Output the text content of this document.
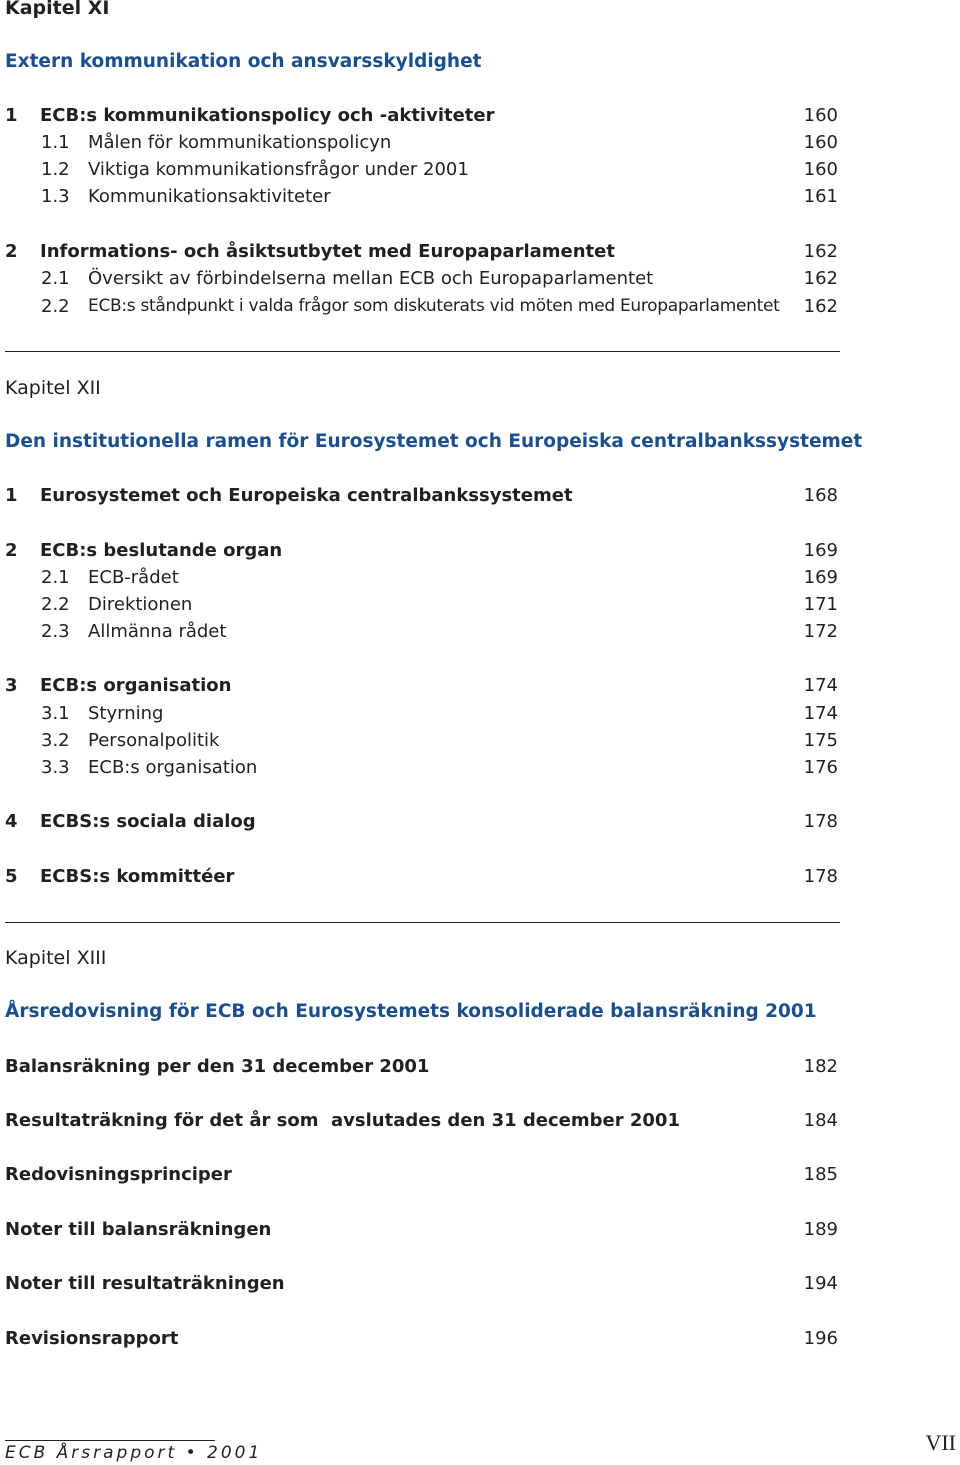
Kapitel XI
Extern kommunikation och ansvarsskyldighet
1 ECB:s kommunikationspolicy och -aktiviteter	160
1.1 Målen för kommunikationspolicyn	160
1.2 Viktiga kommunikationsfrågor under 2001	160
1.3 Kommunikationsaktiviteter	161
2 Informations- och åsiktsutbytet med Europaparlamentet	162
2.1 Översikt av förbindelserna mellan ECB och Europaparlamentet	162
2.2 ECB:s ståndpunkt i valda frågor som diskuterats vid möten med Europaparlamentet 162
Kapitel XII
Den institutionella ramen för Eurosystemet och Europeiska centralbankssystemet
1 Eurosystemet och Europeiska centralbankssystemet	168
2 ECB:s beslutande organ	169
2.1 ECB-rådet	169
2.2 Direktionen	171
2.3 Allmänna rådet	172
3 ECB:s organisation	174
3.1 Styrning	174
3.2 Personalpolitik	175
3.3 ECB:s organisation	176
4 ECBS:s sociala dialog	178
5 ECBS:s kommittéer	178
Kapitel XIII
Årsredovisning för ECB och Eurosystemets konsoliderade balansräkning 2001
Balansräkning per den 31 december 2001	182
Resultaträkning för det år som  avslutades den 31 december 2001	184
Redovisningsprinciper	185
Noter till balansräkningen	189
Noter till resultaträkningen	194
Revisionsrapport	196
ECB Årsrapport • 2001	VII
